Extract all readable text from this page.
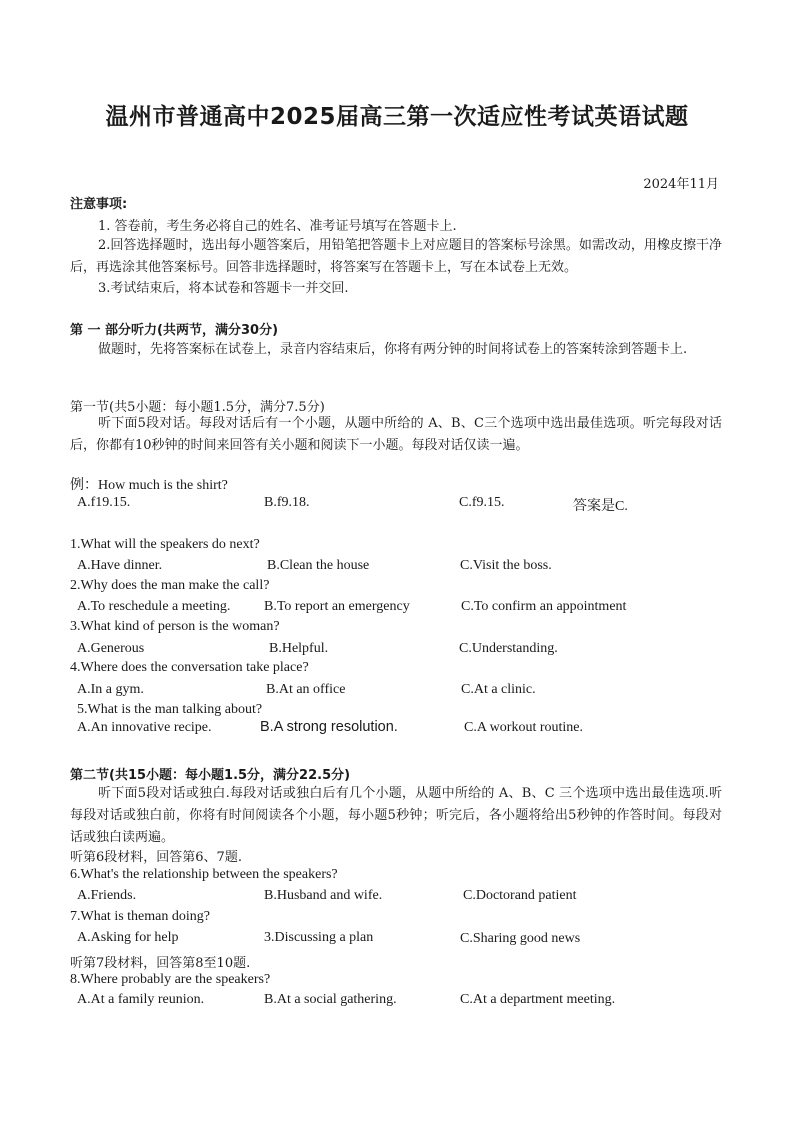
温州市普通高中2025届高三第一次适应性考试英语试题
2024年11月
注意事项:
1. 答卷前，考生务必将自己的姓名、准考证号填写在答题卡上.
2.回答选择题时，选出每小题答案后，用铅笔把答题卡上对应题目的答案标号涂黑。如需改动，用橡皮擦干净后，再选涂其他答案标号。回答非选择题时，将答案写在答题卡上，写在本试卷上无效。
3.考试结束后，将本试卷和答题卡一并交回.
第 一 部分听力(共两节，满分30分)
做题时，先将答案标在试卷上，录音内容结束后，你将有两分钟的时间将试卷上的答案转涂到答题卡上.
第一节(共5小题：每小题1.5分，满分7.5分)
听下面5段对话。每段对话后有一个小题，从题中所给的 A、B、C三个选项中选出最佳选项。听完每段对话后，你都有10秒钟的时间来回答有关小题和阅读下一小题。每段对话仅读一遍。
例：How much is the shirt?
A.f19.15.	B.f9.18.	C.f9.15.	答案是C.
1.What will the speakers do next?
A.Have dinner.	B.Clean the house	C.Visit the boss.
2.Why does the man make the call?
A.To reschedule a meeting. B.To report an emergency	C.To confirm an appointment
3.What kind of person is the woman?
A.Generous	B.Helpful.	C.Understanding.
4.Where does the conversation take place?
A.In a gym.	B.At an office	C.At a clinic.
5.What is the man talking about?
A.An innovative recipe.	B.A strong resolution.	C.A workout routine.
第二节(共15小题：每小题1.5分，满分22.5分)
听下面5段对话或独白.每段对话或独白后有几个小题，从题中所给的 A、B、C 三个选项中选出最佳选项.听每段对话或独白前，你将有时间阅读各个小题，每小题5秒钟；听完后，各小题将给出5秒钟的作答时间。每段对话或独白读两遍。
听第6段材料，回答第6、7题.
6.What's the relationship between the speakers?
A.Friends.	B.Husband and wife.	C.Doctorand patient
7.What is theman doing?
A.Asking for help	3.Discussing a plan	C.Sharing good news
听第7段材料，回答第8至10题.
8.Where probably are the speakers?
A.At a family reunion.	B.At a social gathering.	C.At a department meeting.
